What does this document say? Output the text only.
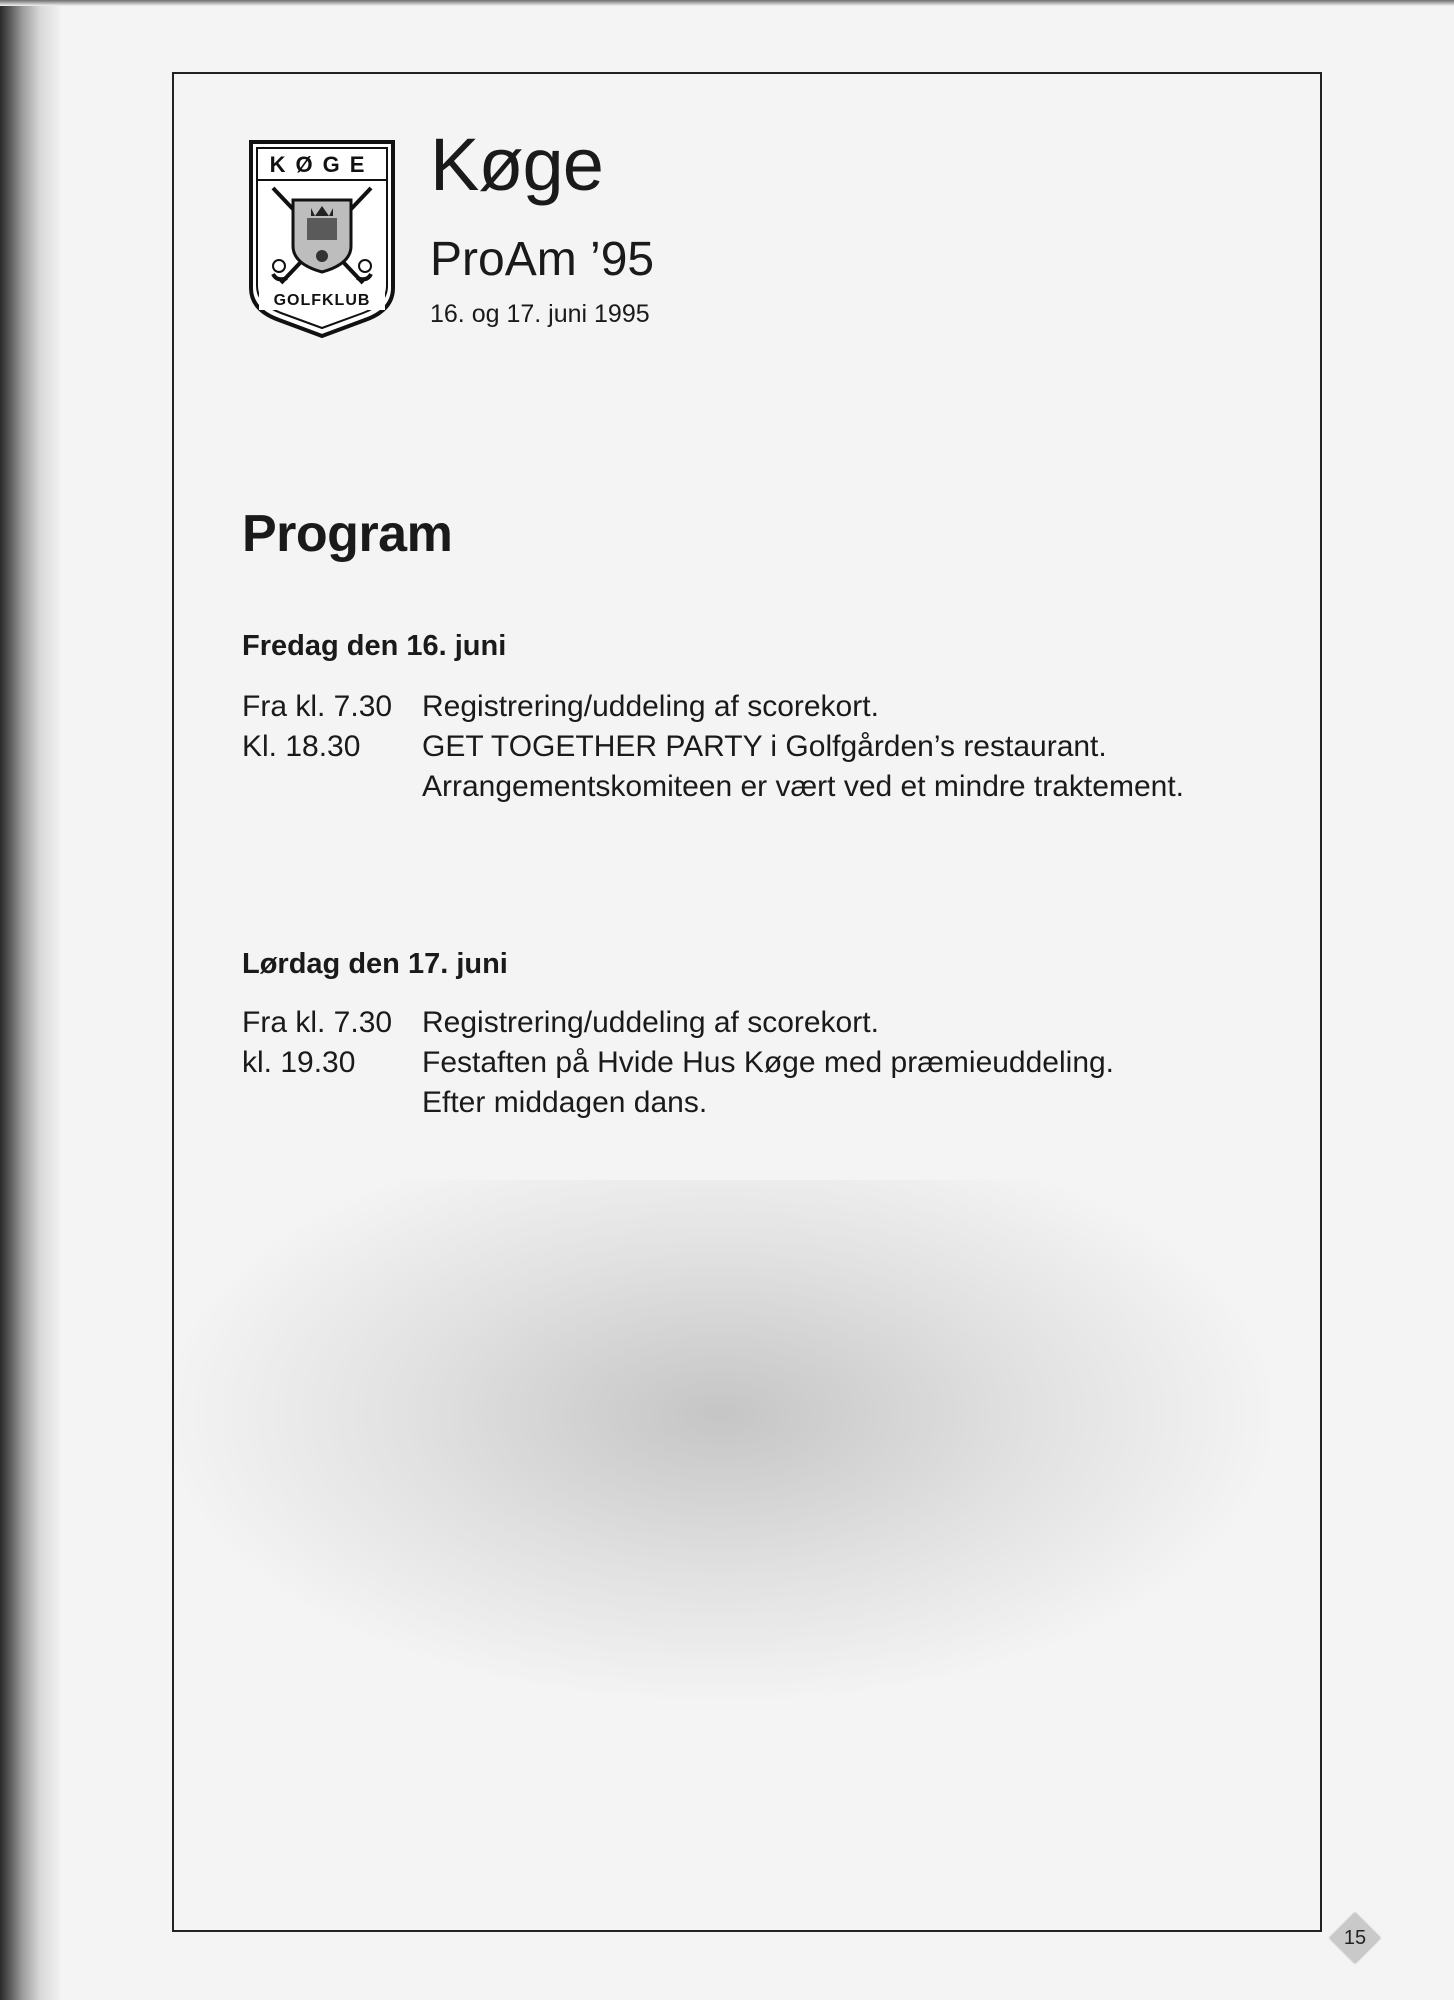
KØGE
GOLFKLUB
Køge
ProAm ’95
16. og 17. juni 1995
Program
Fredag den 16. juni
Fra kl. 7.30 Registrering/uddeling af scorekort.
Kl. 18.30 GET TOGETHER PARTY i Golfgården’s restaurant.
Arrangementskomiteen er vært ved et mindre traktement.
Lørdag den 17. juni
Fra kl. 7.30 Registrering/uddeling af scorekort.
kl. 19.30 Festaften på Hvide Hus Køge med præmieuddeling.
Efter middagen dans.
15
